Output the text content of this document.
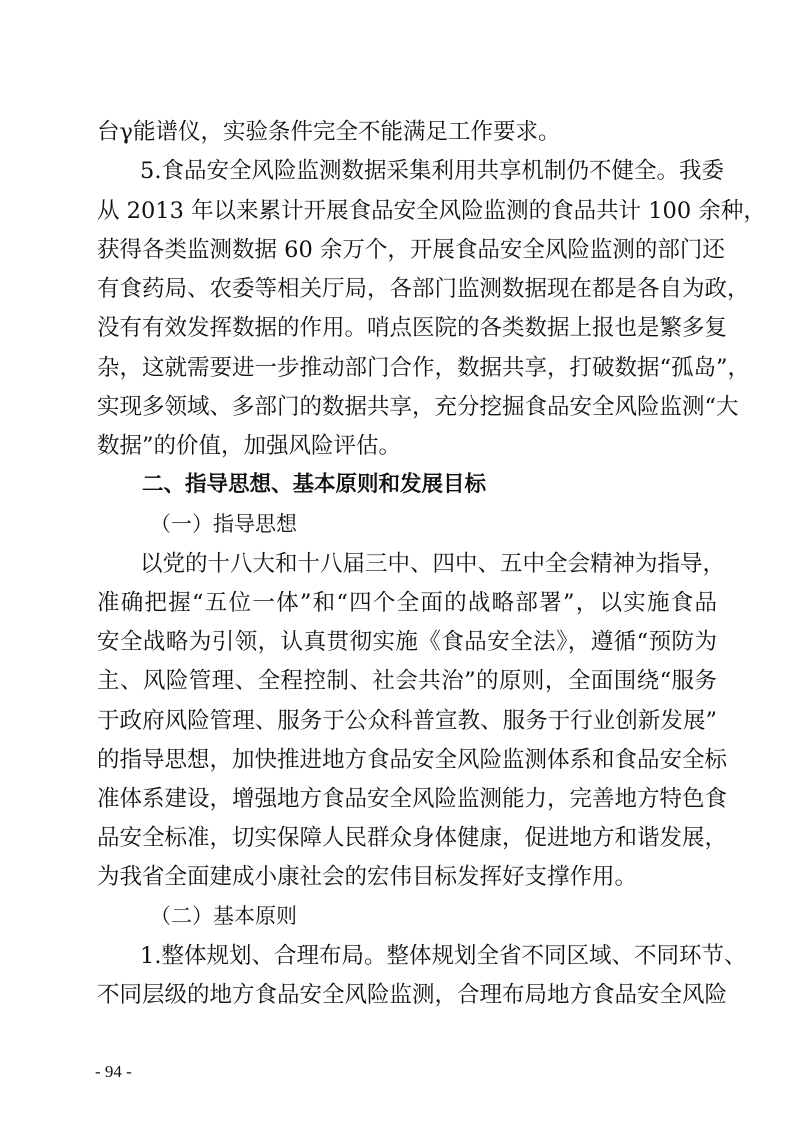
台γ能谱仪，实验条件完全不能满足工作要求。
5.食品安全风险监测数据采集利用共享机制仍不健全。我委
从 2013 年以来累计开展食品安全风险监测的食品共计 100 余种，
获得各类监测数据 60 余万个，开展食品安全风险监测的部门还
有食药局、农委等相关厅局，各部门监测数据现在都是各自为政，
没有有效发挥数据的作用。哨点医院的各类数据上报也是繁多复
杂，这就需要进一步推动部门合作，数据共享，打破数据“孤岛”，
实现多领域、多部门的数据共享，充分挖掘食品安全风险监测“大
数据”的价值，加强风险评估。
二、指导思想、基本原则和发展目标
（一）指导思想
以党的十八大和十八届三中、四中、五中全会精神为指导，
准确把握“五位一体”和“四个全面的战略部署”，以实施食品
安全战略为引领，认真贯彻实施《食品安全法》，遵循“预防为
主、风险管理、全程控制、社会共治”的原则，全面围绕“服务
于政府风险管理、服务于公众科普宣教、服务于行业创新发展”
的指导思想，加快推进地方食品安全风险监测体系和食品安全标
准体系建设，增强地方食品安全风险监测能力，完善地方特色食
品安全标准，切实保障人民群众身体健康，促进地方和谐发展，
为我省全面建成小康社会的宏伟目标发挥好支撑作用。
（二）基本原则
1.整体规划、合理布局。整体规划全省不同区域、不同环节、
不同层级的地方食品安全风险监测，合理布局地方食品安全风险
- 94 -
